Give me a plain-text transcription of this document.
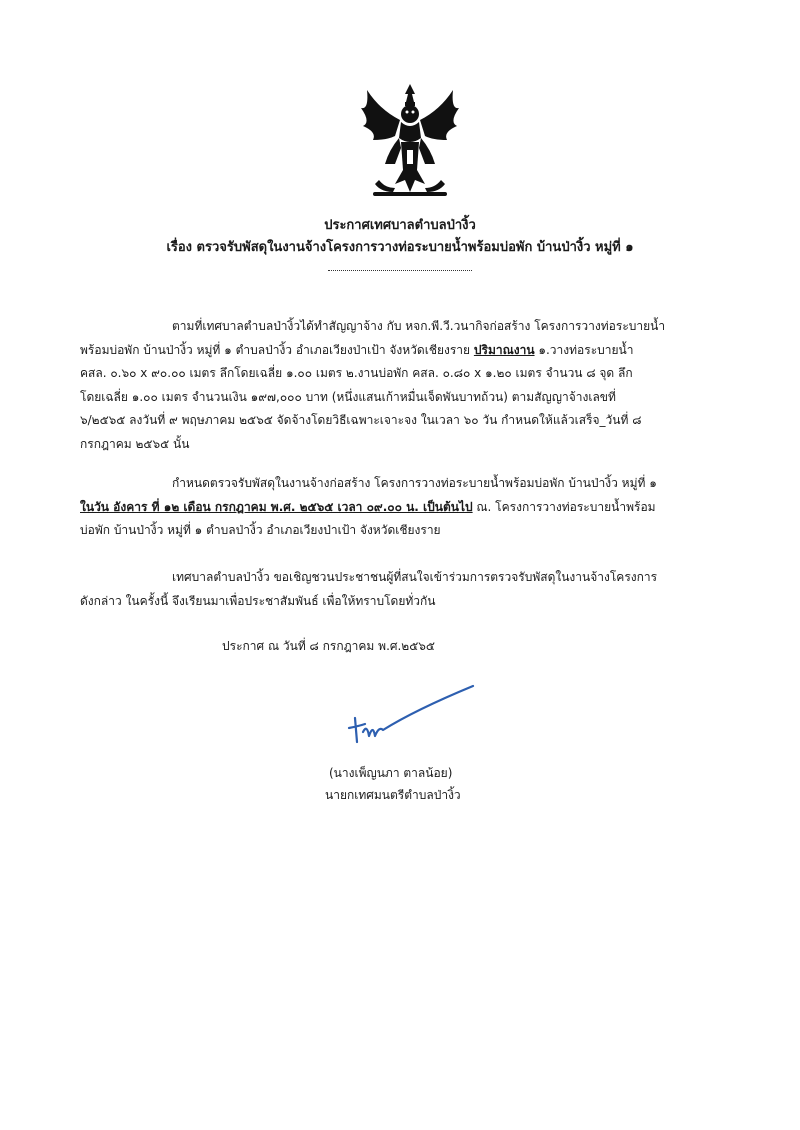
ประกาศเทศบาลตำบลป่างิ้ว
เรื่อง ตรวจรับพัสดุในงานจ้างโครงการวางท่อระบายน้ำพร้อมบ่อพัก บ้านป่างิ้ว หมู่ที่ ๑
ตามที่เทศบาลตำบลป่างิ้วได้ทำสัญญาจ้าง กับ หจก.พี.วี.วนากิจก่อสร้าง โครงการวางท่อระบายน้ำ
พร้อมบ่อพัก บ้านป่างิ้ว หมู่ที่ ๑ ตำบลป่างิ้ว อำเภอเวียงป่าเป้า จังหวัดเชียงราย ปริมาณงาน ๑.วางท่อระบายน้ำ
คสล. ๐.๖๐ x ๙๐.๐๐ เมตร ลึกโดยเฉลี่ย ๑.๐๐ เมตร ๒.งานบ่อพัก คสล. ๐.๘๐ x ๑.๒๐ เมตร จำนวน ๘ จุด ลึก
โดยเฉลี่ย ๑.๐๐ เมตร จำนวนเงิน ๑๙๗,๐๐๐ บาท (หนึ่งแสนเก้าหมื่นเจ็ดพันบาทถ้วน) ตามสัญญาจ้างเลขที่
๖/๒๕๖๕ ลงวันที่ ๙ พฤษภาคม ๒๕๖๕ จัดจ้างโดยวิธีเฉพาะเจาะจง ในเวลา ๖๐ วัน กำหนดให้แล้วเสร็จ_วันที่ ๘
กรกฎาคม ๒๕๖๕ นั้น
กำหนดตรวจรับพัสดุในงานจ้างก่อสร้าง โครงการวางท่อระบายน้ำพร้อมบ่อพัก บ้านป่างิ้ว หมู่ที่ ๑
ในวัน อังคาร ที่ ๑๒ เดือน กรกฎาคม พ.ศ. ๒๕๖๕ เวลา ๐๙.๐๐ น. เป็นต้นไป ณ. โครงการวางท่อระบายน้ำพร้อม
บ่อพัก บ้านป่างิ้ว หมู่ที่ ๑ ตำบลป่างิ้ว อำเภอเวียงป่าเป้า จังหวัดเชียงราย
เทศบาลตำบลป่างิ้ว ขอเชิญชวนประชาชนผู้ที่สนใจเข้าร่วมการตรวจรับพัสดุในงานจ้างโครงการ
ดังกล่าว ในครั้งนี้ จึงเรียนมาเพื่อประชาสัมพันธ์ เพื่อให้ทราบโดยทั่วกัน
ประกาศ ณ วันที่ ๘ กรกฎาคม พ.ศ.๒๕๖๕
(นางเพ็ญนภา ตาลน้อย)
นายกเทศมนตรีตำบลป่างิ้ว
